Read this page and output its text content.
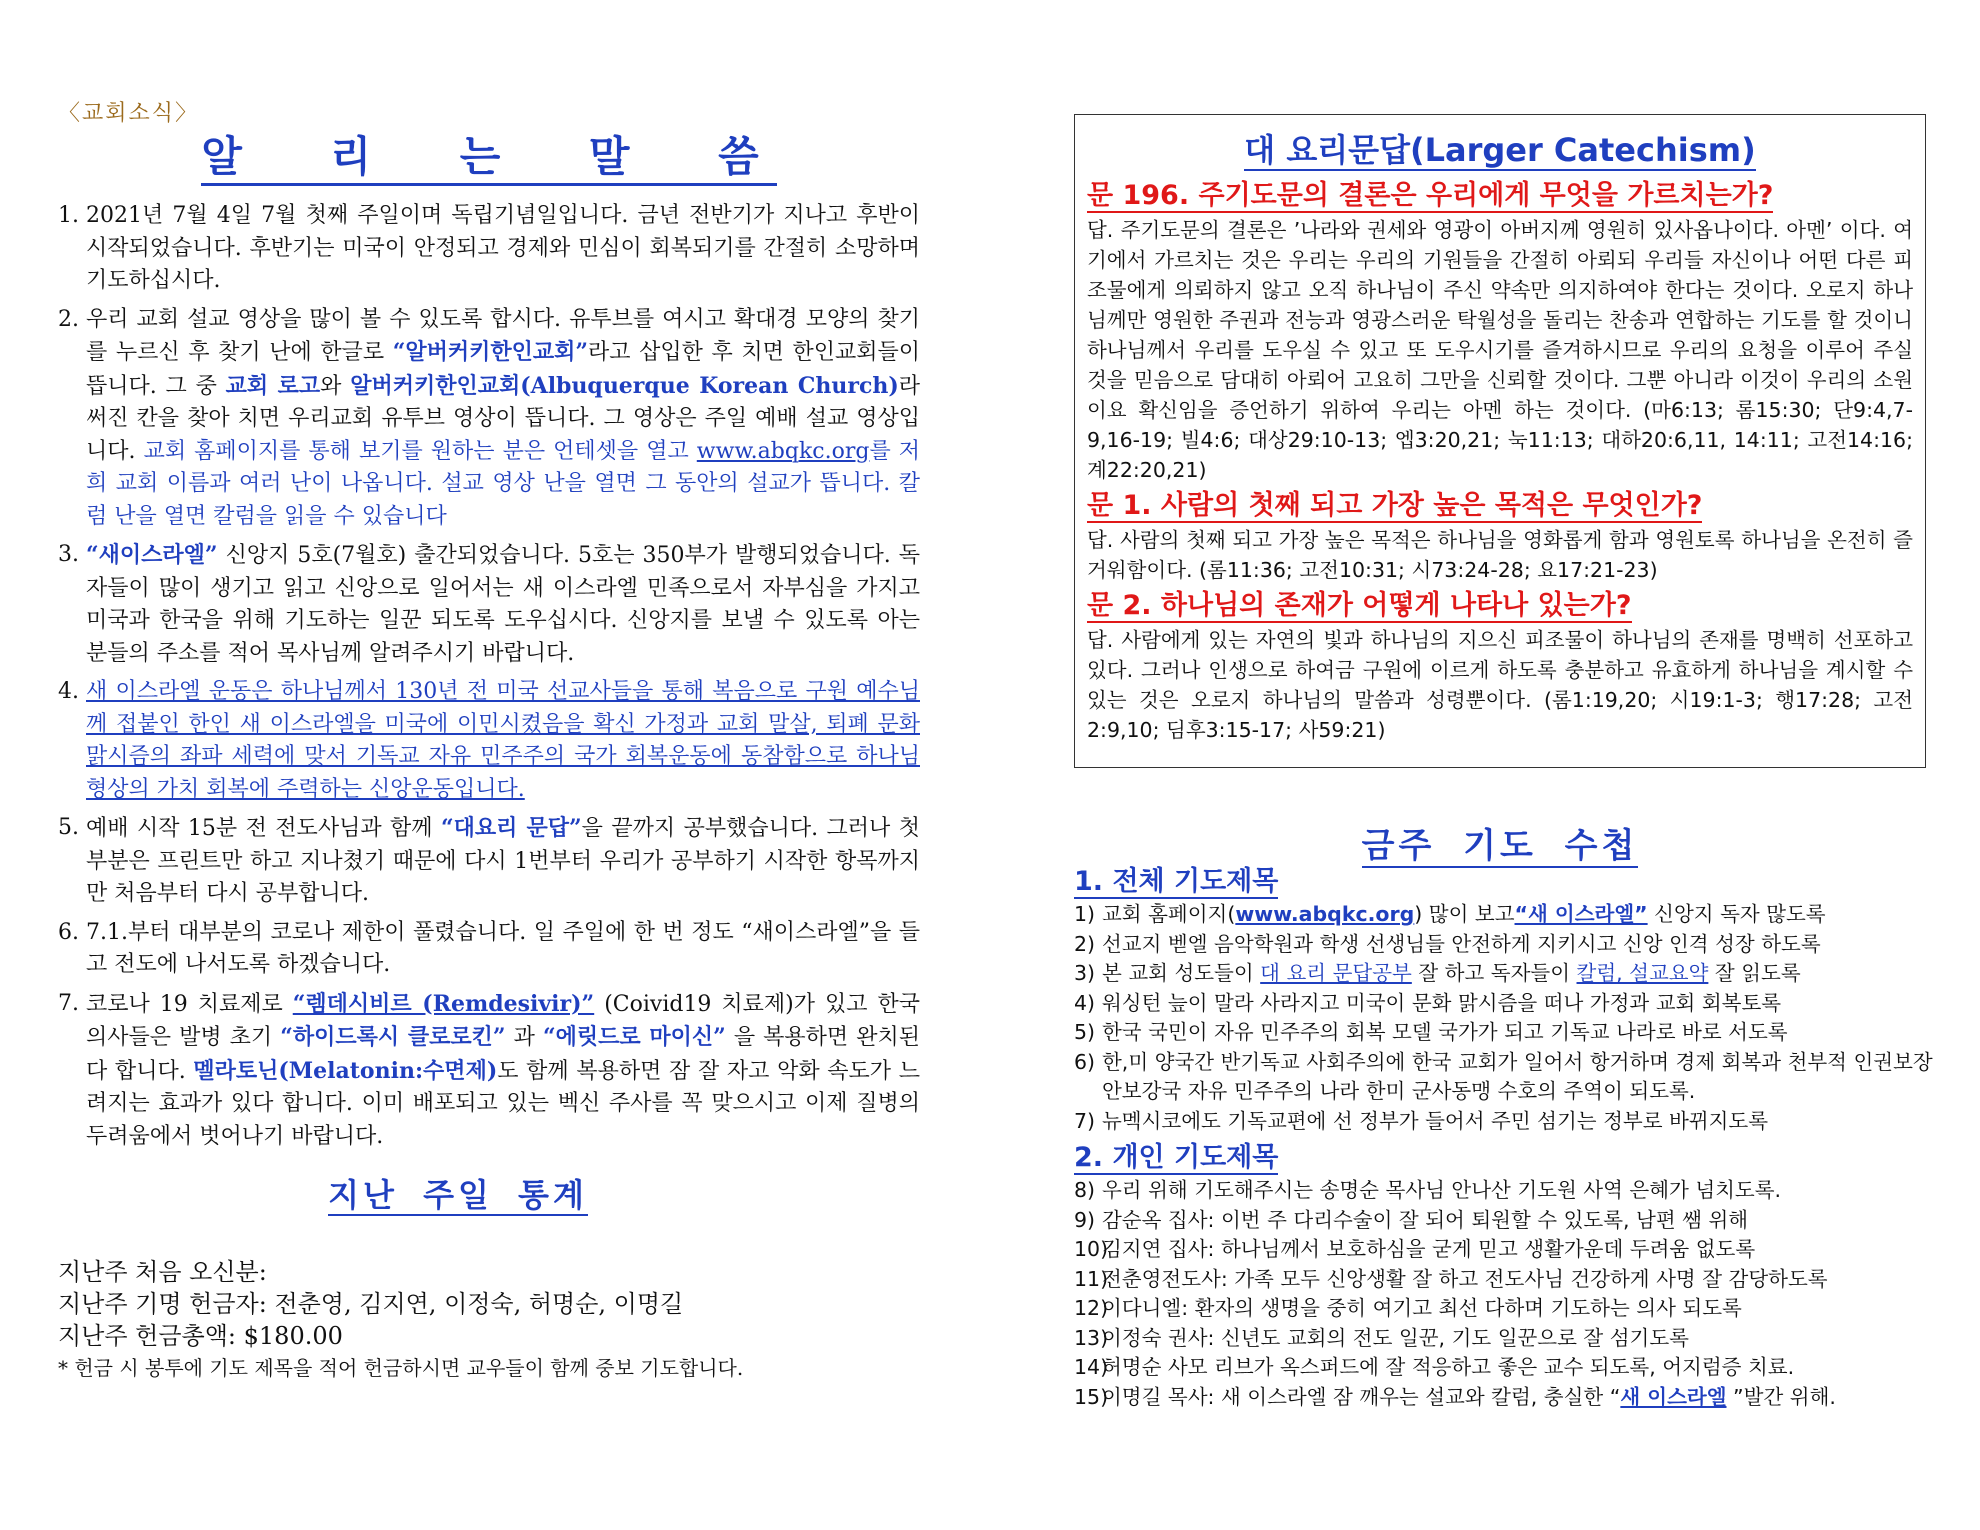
〈교회소식〉
알 리 는 말 씀
1. 2021년 7월 4일 7월 첫째 주일이며 독립기념일입니다. 금년 전반기가 지나고 후반이 시작되었습니다. 후반기는 미국이 안정되고 경제와 민심이 회복되기를 간절히 소망하며 기도하십시다.
2. 우리 교회 설교 영상을 많이 볼 수 있도록 합시다. 유투브를 여시고 확대경 모양의 찾기를 누르신 후 찾기 난에 한글로 “알버커키한인교회”라고 삽입한 후 치면 한인교회들이 뜹니다. 그 중 교회 로고와 알버커키한인교회(Albuquerque Korean Church)라 써진 칸을 찾아 치면 우리교회 유투브 영상이 뜹니다. 그 영상은 주일 예배 설교 영상입니다. 교회 홈페이지를 통해 보기를 원하는 분은 언테셋을 열고 www.abqkc.org를 저희 교회 이름과 여러 난이 나옵니다. 설교 영상 난을 열면 그 동안의 설교가 뜹니다. 칼럼 난을 열면 칼럼을 읽을 수 있습니다
3. “새이스라엘” 신앙지 5호(7월호) 출간되었습니다. 5호는 350부가 발행되었습니다. 독자들이 많이 생기고 읽고 신앙으로 일어서는 새 이스라엘 민족으로서 자부심을 가지고 미국과 한국을 위해 기도하는 일꾼 되도록 도우십시다. 신앙지를 보낼 수 있도록 아는 분들의 주소를 적어 목사님께 알려주시기 바랍니다.
4. 새 이스라엘 운동은 하나님께서 130년 전 미국 선교사들을 통해 복음으로 구원 예수님께 접붙인 한인 새 이스라엘을 미국에 이민시켰음을 확신 가정과 교회 말살, 퇴폐 문화 맑시즘의 좌파 세력에 맞서 기독교 자유 민주주의 국가 회복운동에 동참함으로 하나님 형상의 가치 회복에 주력하는 신앙운동입니다.
5. 예배 시작 15분 전 전도사님과 함께 “대요리 문답”을 끝까지 공부했습니다. 그러나 첫 부분은 프린트만 하고 지나쳤기 때문에 다시 1번부터 우리가 공부하기 시작한 항목까지만 처음부터 다시 공부합니다.
6. 7.1.부터 대부분의 코로나 제한이 풀렸습니다. 일 주일에 한 번 정도 “새이스라엘”을 들고 전도에 나서도록 하겠습니다.
7. 코로나 19 치료제로 “렘데시비르 (Remdesivir)” (Coivid19 치료제)가 있고 한국 의사들은 발병 초기 “하이드록시 클로로킨” 과 “에릿드로 마이신” 을 복용하면 완치된다 합니다. 멜라토닌(Melatonin:수면제)도 함께 복용하면 잠 잘 자고 악화 속도가 느려지는 효과가 있다 합니다. 이미 배포되고 있는 벡신 주사를 꼭 맞으시고 이제 질병의 두려움에서 벗어나기 바랍니다.
지난 주일 통계
지난주 처음 오신분:
지난주 기명 헌금자: 전춘영, 김지연, 이정숙, 허명순, 이명길
지난주 헌금총액: $180.00
* 헌금 시 봉투에 기도 제목을 적어 헌금하시면 교우들이 함께 중보 기도합니다.
대 요리문답(Larger Catechism)
문 196. 주기도문의 결론은 우리에게 무엇을 가르치는가?
답. 주기도문의 결론은 ’나라와 권세와 영광이 아버지께 영원히 있사옵나이다. 아멘’ 이다. 여기에서 가르치는 것은 우리는 우리의 기원들을 간절히 아뢰되 우리들 자신이나 어떤 다른 피조물에게 의뢰하지 않고 오직 하나님이 주신 약속만 의지하여야 한다는 것이다. 오로지 하나님께만 영원한 주권과 전능과 영광스러운 탁월성을 돌리는 찬송과 연합하는 기도를 할 것이니 하나님께서 우리를 도우실 수 있고 또 도우시기를 즐겨하시므로 우리의 요청을 이루어 주실 것을 믿음으로 담대히 아뢰어 고요히 그만을 신뢰할 것이다. 그뿐 아니라 이것이 우리의 소원이요 확신임을 증언하기 위하여 우리는 아멘 하는 것이다. (마6:13; 롬15:30; 단9:4,7-9,16-19; 빌4:6; 대상29:10-13; 엡3:20,21; 눅11:13; 대하20:6,11, 14:11; 고전14:16; 계22:20,21)
문 1. 사람의 첫째 되고 가장 높은 목적은 무엇인가?
답. 사람의 첫째 되고 가장 높은 목적은 하나님을 영화롭게 함과 영원토록 하나님을 온전히 즐거워함이다. (롬11:36; 고전10:31; 시73:24-28; 요17:21-23)
문 2. 하나님의 존재가 어떻게 나타나 있는가?
답. 사람에게 있는 자연의 빛과 하나님의 지으신 피조물이 하나님의 존재를 명백히 선포하고 있다. 그러나 인생으로 하여금 구원에 이르게 하도록 충분하고 유효하게 하나님을 계시할 수 있는 것은 오로지 하나님의 말씀과 성령뿐이다. (롬1:19,20; 시19:1-3; 행17:28; 고전2:9,10; 딤후3:15-17; 사59:21)
금주 기도 수첩
1. 전체 기도제목
1) 교회 홈페이지(www.abqkc.org) 많이 보고“새 이스라엘” 신앙지 독자 많도록
2) 선교지 벧엘 음악학원과 학생 선생님들 안전하게 지키시고 신앙 인격 성장 하도록
3) 본 교회 성도들이 대 요리 문답공부 잘 하고 독자들이 칼럼, 설교요약 잘 읽도록
4) 워싱턴 늪이 말라 사라지고 미국이 문화 맑시즘을 떠나 가정과 교회 회복토록
5) 한국 국민이 자유 민주주의 회복 모델 국가가 되고 기독교 나라로 바로 서도록
6) 한,미 양국간 반기독교 사회주의에 한국 교회가 일어서 항거하며 경제 회복과 천부적 인권보장 안보강국 자유 민주주의 나라 한미 군사동맹 수호의 주역이 되도록.
7) 뉴멕시코에도 기독교편에 선 정부가 들어서 주민 섬기는 정부로 바뀌지도록
2. 개인 기도제목
8) 우리 위해 기도해주시는 송명순 목사님 안나산 기도원 사역 은혜가 넘치도록.
9) 감순옥 집사: 이번 주 다리수술이 잘 되어 퇴원할 수 있도록, 남편 쌤 위해
10)
김지연 집사: 하나님께서 보호하심을 굳게 믿고 생활가운데 두려움 없도록
11)
전춘영전도사: 가족 모두 신앙생활 잘 하고 전도사님 건강하게 사명 잘 감당하도록
12)
이다니엘: 환자의 생명을 중히 여기고 최선 다하며 기도하는 의사 되도록
13)
이정숙 권사: 신년도 교회의 전도 일꾼, 기도 일꾼으로 잘 섬기도록
14)
허명순 사모 리브가 옥스퍼드에 잘 적응하고 좋은 교수 되도록, 어지럼증 치료.
15)
이명길 목사: 새 이스라엘 잠 깨우는 설교와 칼럼, 충실한 “새 이스라엘 ”발간 위해.
